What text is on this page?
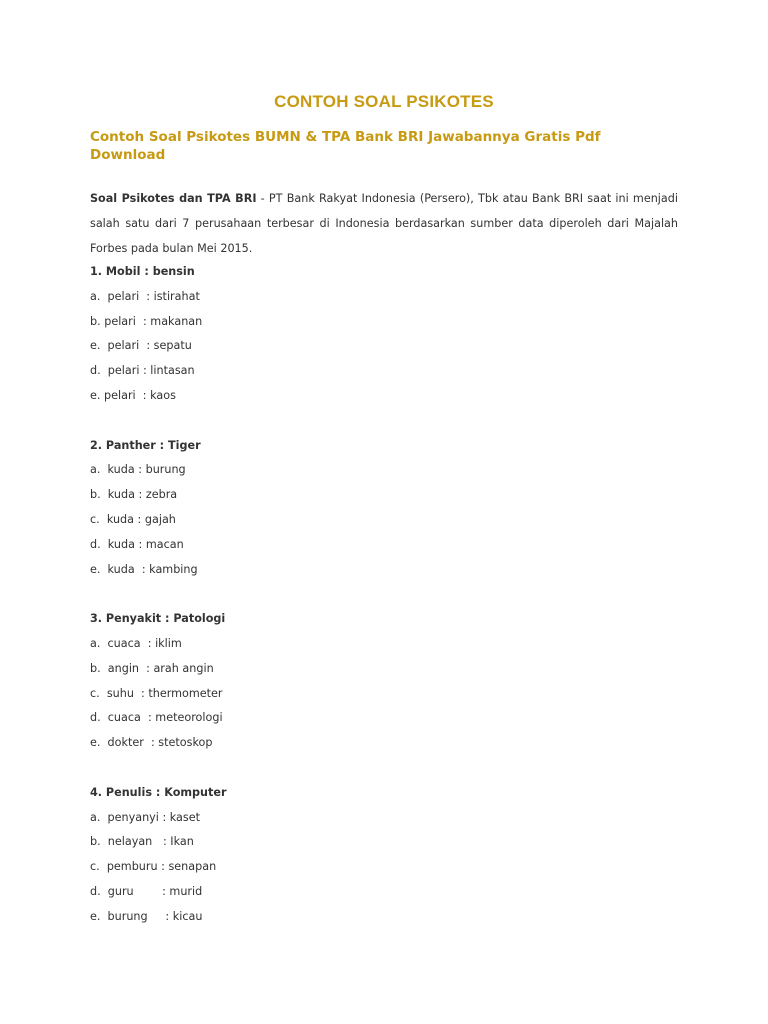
CONTOH SOAL PSIKOTES
Contoh Soal Psikotes BUMN & TPA Bank BRI Jawabannya Gratis Pdf Download

Soal Psikotes dan TPA BRI - PT Bank Rakyat Indonesia (Persero), Tbk atau Bank BRI saat ini menjadi salah satu dari 7 perusahaan terbesar di Indonesia berdasarkan sumber data diperoleh dari Majalah Forbes pada bulan Mei 2015.

1. Mobil : bensin
a.  pelari  : istirahat
b. pelari  : makanan
e.  pelari  : sepatu
d.  pelari : lintasan
e. pelari  : kaos
2. Panther : Tiger
a.  kuda : burung
b.  kuda : zebra
c.  kuda : gajah
d.  kuda : macan
e.  kuda  : kambing
3. Penyakit : Patologi
a.  cuaca  : iklim
b.  angin  : arah angin
c.  suhu  : thermometer
d.  cuaca  : meteorologi
e.  dokter  : stetoskop
4. Penulis : Komputer
a.  penyanyi : kaset
b.  nelayan   : Ikan
c.  pemburu : senapan
d.  guru        : murid
e.  burung     : kicau
